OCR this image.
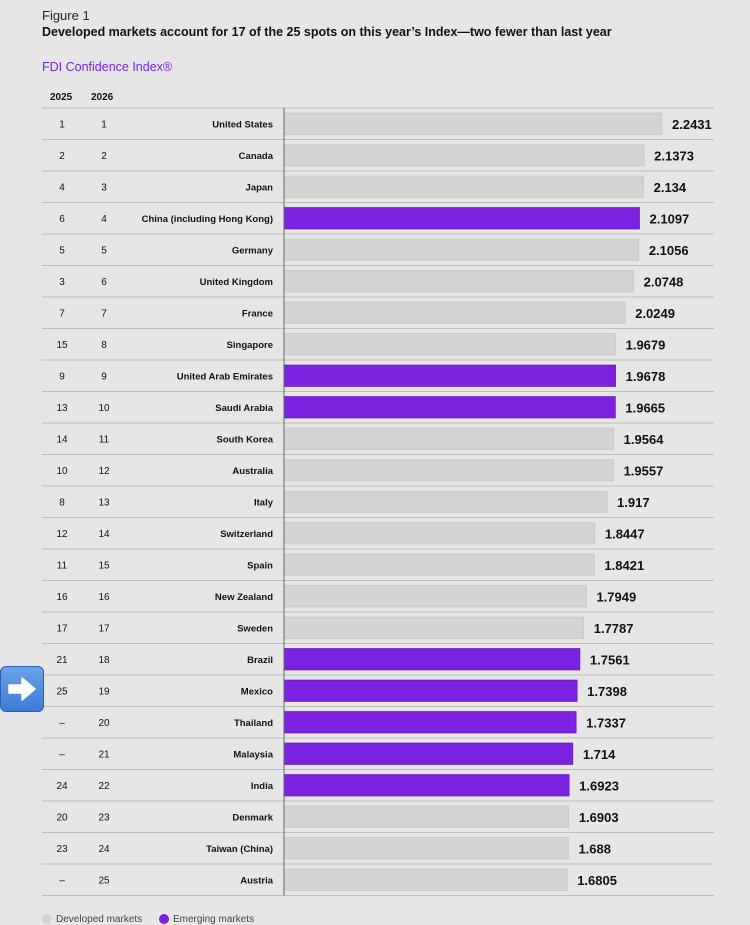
Figure 1
Developed markets account for 17 of the 25 spots on this year’s Index—two fewer than last year
FDI Confidence Index®
2025 2026
1	1	United States	2.2431
2	2	Canada	2.1373
4	3	Japan	2.134
6	4	China (including Hong Kong)	2.1097
5	5	Germany	2.1056
3	6	United Kingdom	2.0748
7	7	France	2.0249
15	8	Singapore	1.9679
9	9	United Arab Emirates	1.9678
13	10	Saudi Arabia	1.9665
14	11	South Korea	1.9564
10	12	Australia	1.9557
8	13	Italy	1.917
12	14	Switzerland	1.8447
11	15	Spain	1.8421
16	16	New Zealand	1.7949
17	17	Sweden	1.7787
21	18	Brazil	1.7561
25	19	Mexico	1.7398
–	20	Thailand	1.7337
–	21	Malaysia	1.714
24	22	India	1.6923
20	23	Denmark	1.6903
23	24	Taiwan (China)	1.688
–	25	Austria	1.6805
Developed markets	Emerging markets
